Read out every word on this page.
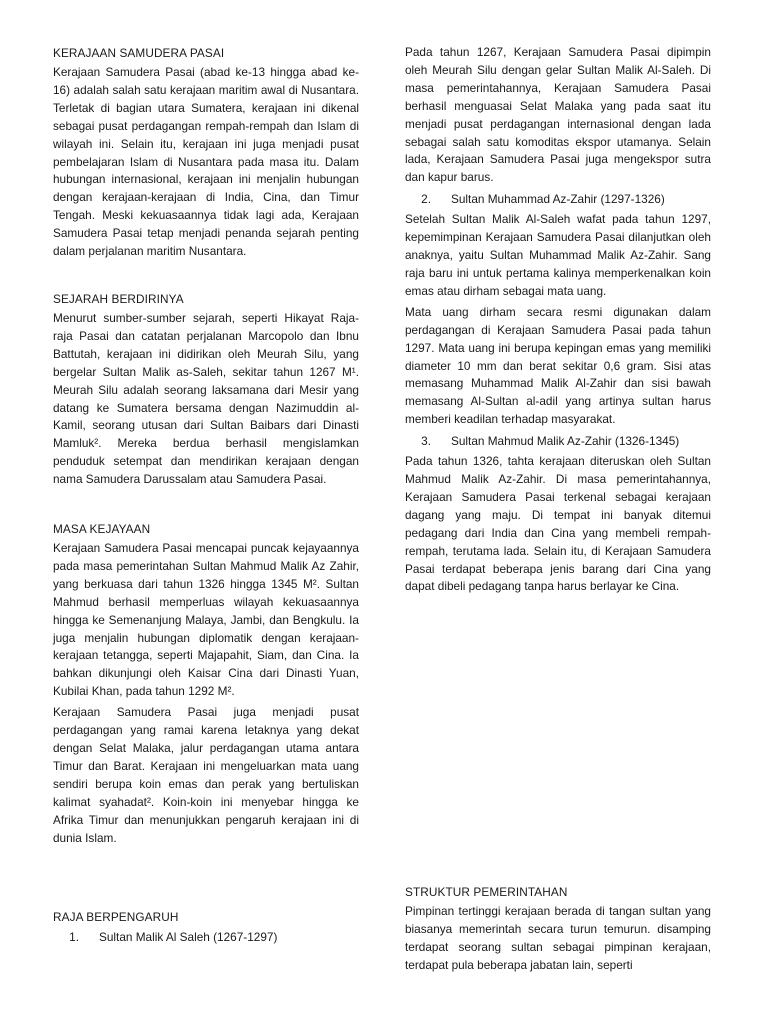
KERAJAAN SAMUDERA PASAI

Kerajaan Samudera Pasai (abad ke-13 hingga abad ke-16) adalah salah satu kerajaan maritim awal di Nusantara. Terletak di bagian utara Sumatera, kerajaan ini dikenal sebagai pusat perdagangan rempah-rempah dan Islam di wilayah ini. Selain itu, kerajaan ini juga menjadi pusat pembelajaran Islam di Nusantara pada masa itu. Dalam hubungan internasional, kerajaan ini menjalin hubungan dengan kerajaan-kerajaan di India, Cina, dan Timur Tengah. Meski kekuasaannya tidak lagi ada, Kerajaan Samudera Pasai tetap menjadi penanda sejarah penting dalam perjalanan maritim Nusantara.

SEJARAH BERDIRINYA

Menurut sumber-sumber sejarah, seperti Hikayat Raja-raja Pasai dan catatan perjalanan Marcopolo dan Ibnu Battutah, kerajaan ini didirikan oleh Meurah Silu, yang bergelar Sultan Malik as-Saleh, sekitar tahun 1267 M¹. Meurah Silu adalah seorang laksamana dari Mesir yang datang ke Sumatera bersama dengan Nazimuddin al-Kamil, seorang utusan dari Sultan Baibars dari Dinasti Mamluk². Mereka berdua berhasil mengislamkan penduduk setempat dan mendirikan kerajaan dengan nama Samudera Darussalam atau Samudera Pasai.

MASA KEJAYAAN

Kerajaan Samudera Pasai mencapai puncak kejayaannya pada masa pemerintahan Sultan Mahmud Malik Az Zahir, yang berkuasa dari tahun 1326 hingga 1345 M². Sultan Mahmud berhasil memperluas wilayah kekuasaannya hingga ke Semenanjung Malaya, Jambi, dan Bengkulu. Ia juga menjalin hubungan diplomatik dengan kerajaan-kerajaan tetangga, seperti Majapahit, Siam, dan Cina. Ia bahkan dikunjungi oleh Kaisar Cina dari Dinasti Yuan, Kubilai Khan, pada tahun 1292 M².

Kerajaan Samudera Pasai juga menjadi pusat perdagangan yang ramai karena letaknya yang dekat dengan Selat Malaka, jalur perdagangan utama antara Timur dan Barat. Kerajaan ini mengeluarkan mata uang sendiri berupa koin emas dan perak yang bertuliskan kalimat syahadat². Koin-koin ini menyebar hingga ke Afrika Timur dan menunjukkan pengaruh kerajaan ini di dunia Islam.

RAJA BERPENGARUH
1.	Sultan Malik Al Saleh (1267-1297)

Pada tahun 1267, Kerajaan Samudera Pasai dipimpin oleh Meurah Silu dengan gelar Sultan Malik Al-Saleh. Di masa pemerintahannya, Kerajaan Samudera Pasai berhasil menguasai Selat Malaka yang pada saat itu menjadi pusat perdagangan internasional dengan lada sebagai salah satu komoditas ekspor utamanya. Selain lada, Kerajaan Samudera Pasai juga mengekspor sutra dan kapur barus.

2.	Sultan Muhammad Az-Zahir (1297-1326)

Setelah Sultan Malik Al-Saleh wafat pada tahun 1297, kepemimpinan Kerajaan Samudera Pasai dilanjutkan oleh anaknya, yaitu Sultan Muhammad Malik Az-Zahir. Sang raja baru ini untuk pertama kalinya memperkenalkan koin emas atau dirham sebagai mata uang.

Mata uang dirham secara resmi digunakan dalam perdagangan di Kerajaan Samudera Pasai pada tahun 1297. Mata uang ini berupa kepingan emas yang memiliki diameter 10 mm dan berat sekitar 0,6 gram. Sisi atas memasang Muhammad Malik Al-Zahir dan sisi bawah memasang Al-Sultan al-adil yang artinya sultan harus memberi keadilan terhadap masyarakat.

3.	Sultan Mahmud Malik Az-Zahir (1326-1345)

Pada tahun 1326, tahta kerajaan diteruskan oleh Sultan Mahmud Malik Az-Zahir. Di masa pemerintahannya, Kerajaan Samudera Pasai terkenal sebagai kerajaan dagang yang maju. Di tempat ini banyak ditemui pedagang dari India dan Cina yang membeli rempah-rempah, terutama lada. Selain itu, di Kerajaan Samudera Pasai terdapat beberapa jenis barang dari Cina yang dapat dibeli pedagang tanpa harus berlayar ke Cina.

STRUKTUR PEMERINTAHAN

Pimpinan tertinggi kerajaan berada di tangan sultan yang biasanya memerintah secara turun temurun. disamping terdapat seorang sultan sebagai pimpinan kerajaan, terdapat pula beberapa jabatan lain, seperti
